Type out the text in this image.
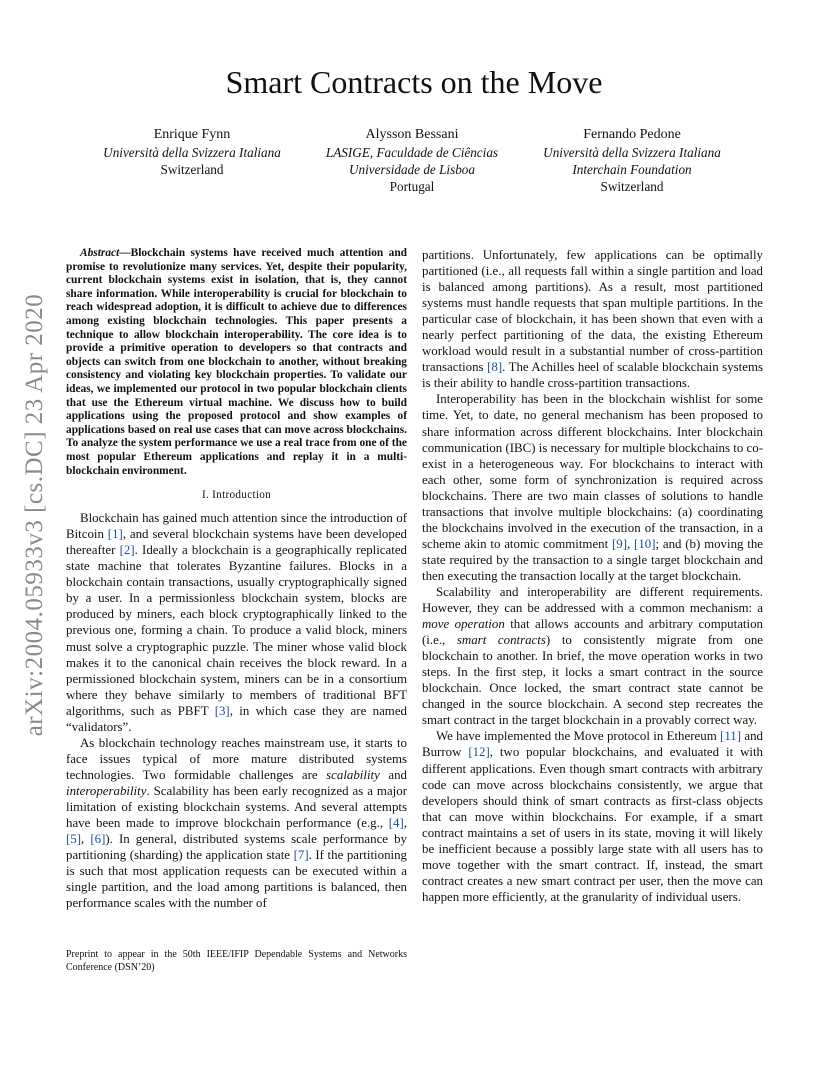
arXiv:2004.05933v3 [cs.DC] 23 Apr 2020
Smart Contracts on the Move
Enrique Fynn
Università della Svizzera Italiana
Switzerland
Alysson Bessani
LASIGE, Faculdade de Ciências
Universidade de Lisboa
Portugal
Fernando Pedone
Università della Svizzera Italiana
Interchain Foundation
Switzerland

Abstract—Blockchain systems have received much attention and promise to revolutionize many services. Yet, despite their popularity, current blockchain systems exist in isolation, that is, they cannot share information. While interoperability is crucial for blockchain to reach widespread adoption, it is difficult to achieve due to differences among existing blockchain technologies. This paper presents a technique to allow blockchain interoperability. The core idea is to provide a primitive operation to developers so that contracts and objects can switch from one blockchain to another, without breaking consistency and violating key blockchain properties. To validate our ideas, we implemented our protocol in two popular blockchain clients that use the Ethereum virtual machine. We discuss how to build applications using the proposed protocol and show examples of applications based on real use cases that can move across blockchains. To analyze the system performance we use a real trace from one of the most popular Ethereum applications and replay it in a multi-blockchain environment.

I. Introduction

Blockchain has gained much attention since the introduction of Bitcoin [1], and several blockchain systems have been developed thereafter [2]. Ideally a blockchain is a geographically replicated state machine that tolerates Byzantine failures. Blocks in a blockchain contain transactions, usually cryptographically signed by a user. In a permissionless blockchain system, blocks are produced by miners, each block cryptographically linked to the previous one, forming a chain. To produce a valid block, miners must solve a cryptographic puzzle. The miner whose valid block makes it to the canonical chain receives the block reward. In a permissioned blockchain system, miners can be in a consortium where they behave similarly to members of traditional BFT algorithms, such as PBFT [3], in which case they are named “validators”.

As blockchain technology reaches mainstream use, it starts to face issues typical of more mature distributed systems technologies. Two formidable challenges are scalability and interoperability. Scalability has been early recognized as a major limitation of existing blockchain systems. And several attempts have been made to improve blockchain performance (e.g., [4], [5], [6]). In general, distributed systems scale performance by partitioning (sharding) the application state [7]. If the partitioning is such that most application requests can be executed within a single partition, and the load among partitions is balanced, then performance scales with the number of

Preprint to appear in the 50th IEEE/IFIP Dependable Systems and Networks Conference (DSN’20)

partitions. Unfortunately, few applications can be optimally partitioned (i.e., all requests fall within a single partition and load is balanced among partitions). As a result, most partitioned systems must handle requests that span multiple partitions. In the particular case of blockchain, it has been shown that even with a nearly perfect partitioning of the data, the existing Ethereum workload would result in a substantial number of cross-partition transactions [8]. The Achilles heel of scalable blockchain systems is their ability to handle cross-partition transactions.

Interoperability has been in the blockchain wishlist for some time. Yet, to date, no general mechanism has been proposed to share information across different blockchains. Inter blockchain communication (IBC) is necessary for multiple blockchains to co-exist in a heterogeneous way. For blockchains to interact with each other, some form of synchronization is required across blockchains. There are two main classes of solutions to handle transactions that involve multiple blockchains: (a) coordinating the blockchains involved in the execution of the transaction, in a scheme akin to atomic commitment [9], [10]; and (b) moving the state required by the transaction to a single target blockchain and then executing the transaction locally at the target blockchain.

Scalability and interoperability are different requirements. However, they can be addressed with a common mechanism: a move operation that allows accounts and arbitrary computation (i.e., smart contracts) to consistently migrate from one blockchain to another. In brief, the move operation works in two steps. In the first step, it locks a smart contract in the source blockchain. Once locked, the smart contract state cannot be changed in the source blockchain. A second step recreates the smart contract in the target blockchain in a provably correct way.

We have implemented the Move protocol in Ethereum [11] and Burrow [12], two popular blockchains, and evaluated it with different applications. Even though smart contracts with arbitrary code can move across blockchains consistently, we argue that developers should think of smart contracts as first-class objects that can move within blockchains. For example, if a smart contract maintains a set of users in its state, moving it will likely be inefficient because a possibly large state with all users has to move together with the smart contract. If, instead, the smart contract creates a new smart contract per user, then the move can happen more efficiently, at the granularity of individual users.
